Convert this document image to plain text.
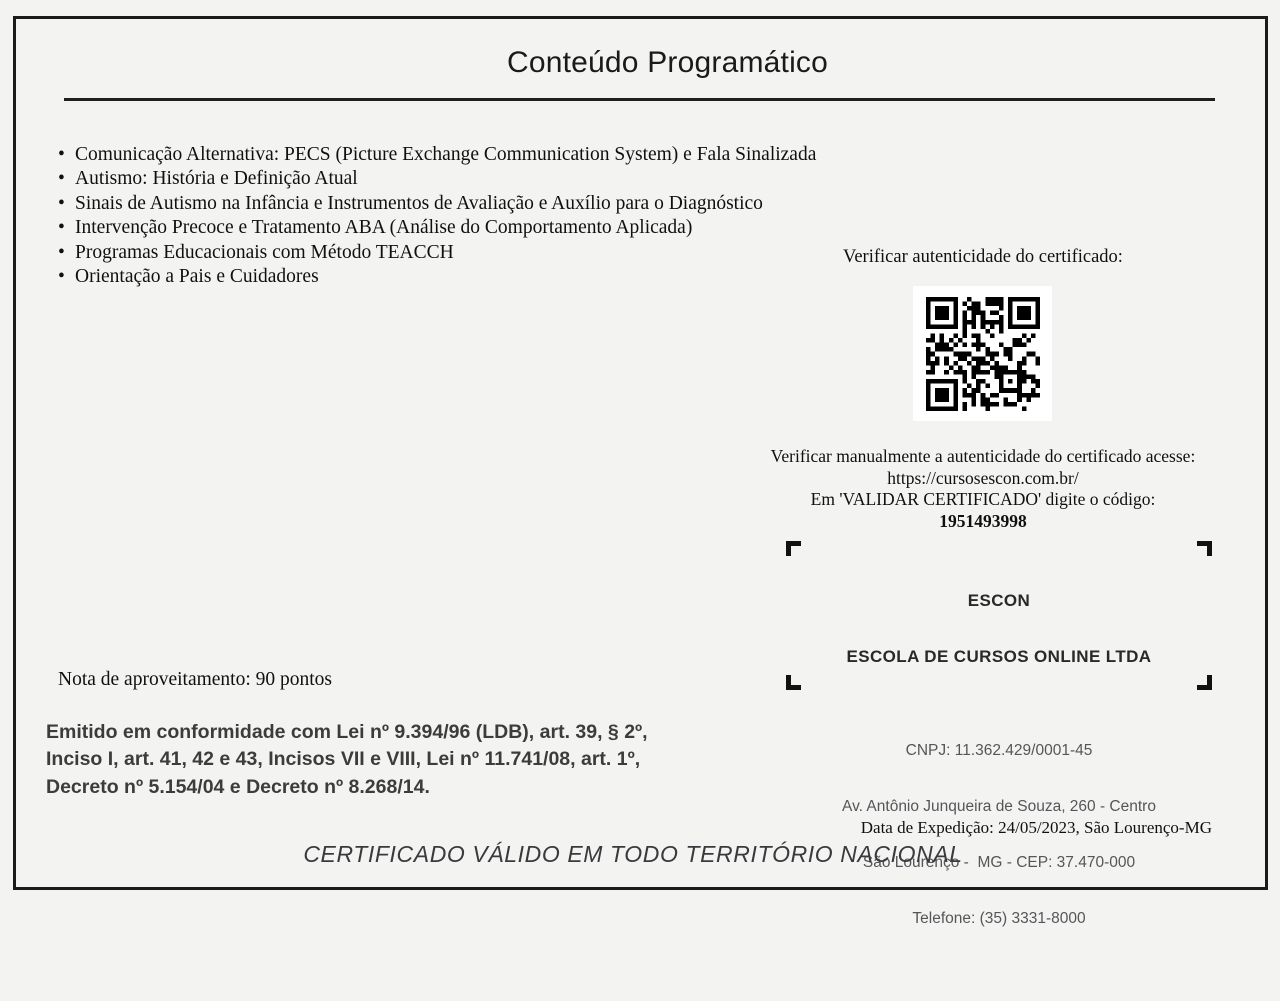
Conteúdo Programático
• Comunicação Alternativa: PECS (Picture Exchange Communication System) e Fala Sinalizada
• Autismo: História e Definição Atual
• Sinais de Autismo na Infância e Instrumentos de Avaliação e Auxílio para o Diagnóstico
• Intervenção Precoce e Tratamento ABA (Análise do Comportamento Aplicada)
• Programas Educacionais com Método TEACCH
• Orientação a Pais e Cuidadores
Verificar autenticidade do certificado:
Verificar manualmente a autenticidade do certificado acesse:
https://cursosescon.com.br/
Em 'VALIDAR CERTIFICADO' digite o código:
1951493998

ESCON

ESCOLA DE CURSOS ONLINE LTDA

CNPJ: 11.362.429/0001-45

Av. Antônio Junqueira de Souza, 260 - Centro

São Lourenço -  MG - CEP: 37.470-000

Telefone: (35) 3331-8000

Nota de aproveitamento: 90 pontos
Emitido em conformidade com Lei nº 9.394/96 (LDB), art. 39, § 2º,
Inciso I, art. 41, 42 e 43, Incisos VII e VIII, Lei nº 11.741/08, art. 1º,
Decreto nº 5.154/04 e Decreto nº 8.268/14.
Data de Expedição: 24/05/2023, São Lourenço-MG
CERTIFICADO VÁLIDO EM TODO TERRITÓRIO NACIONAL
